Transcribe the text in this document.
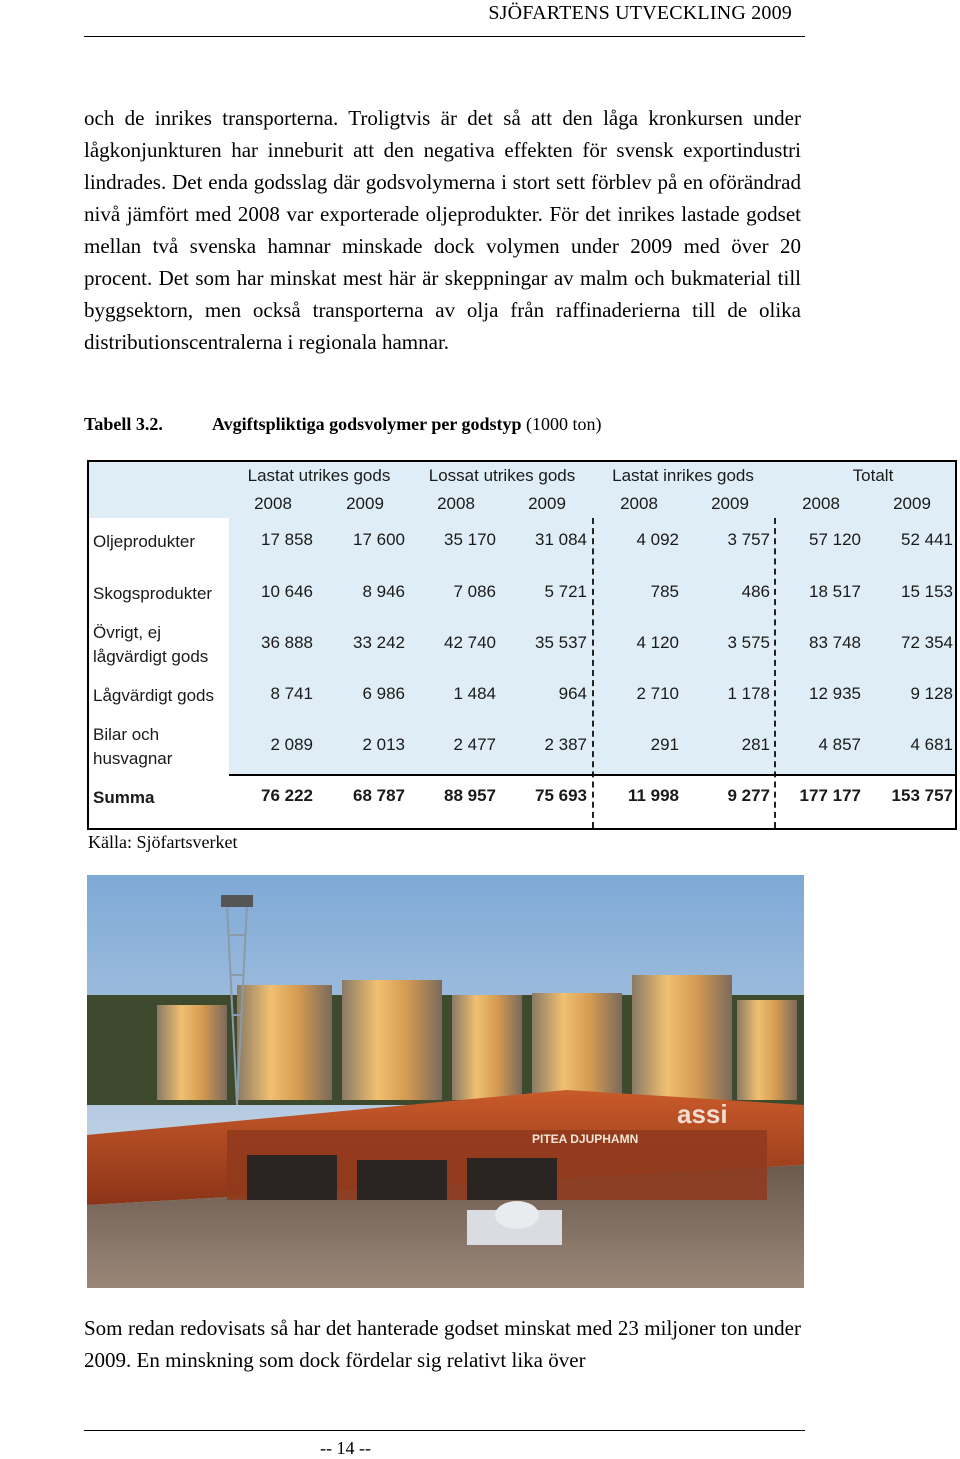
SJÖFARTENS UTVECKLING 2009
och de inrikes transporterna. Troligtvis är det så att den låga kronkursen under lågkonjunkturen har inneburit att den negativa effekten för svensk exportindustri lindrades. Det enda godsslag där godsvolymerna i stort sett förblev på en oförändrad nivå jämfört med 2008 var exporterade oljeprodukter. För det inrikes lastade godset mellan två svenska hamnar minskade dock volymen under 2009 med över 20 procent. Det som har minskat mest här är skeppningar av malm och bukmaterial till byggsektorn, men också transporterna av olja från raffinaderierna till de olika distributionscentralerna i regionala hamnar.
Tabell 3.2.	Avgiftspliktiga godsvolymer per godstyp (1000 ton)
Lastat utrikes gods	Lossat utrikes gods	Lastat inrikes gods	Totalt
2008	2009	2008	2009	2008	2009	2008	2009
Oljeprodukter	17 858	17 600	35 170	31 084	4 092	3 757	57 120	52 441
Skogsprodukter	10 646	8 946	7 086	5 721	785	486	18 517	15 153
Övrigt, ej
lågvärdigt gods
36 888	33 242	42 740	35 537	4 120	3 575	83 748	72 354
Lågvärdigt gods	8 741	6 986	1 484	964	2 710	1 178	12 935	9 128
Bilar och
husvagnar
2 089	2 013	2 477	2 387	291	281	4 857	4 681
Summa	76 222	68 787	88 957	75 693	11 998	9 277	177 177	153 757
Källa: Sjöfartsverket
PITEA DJUPHAMN
assi
Som redan redovisats så har det hanterade godset minskat med 23 miljoner ton under 2009. En minskning som dock fördelar sig relativt lika över
-- 14 --
